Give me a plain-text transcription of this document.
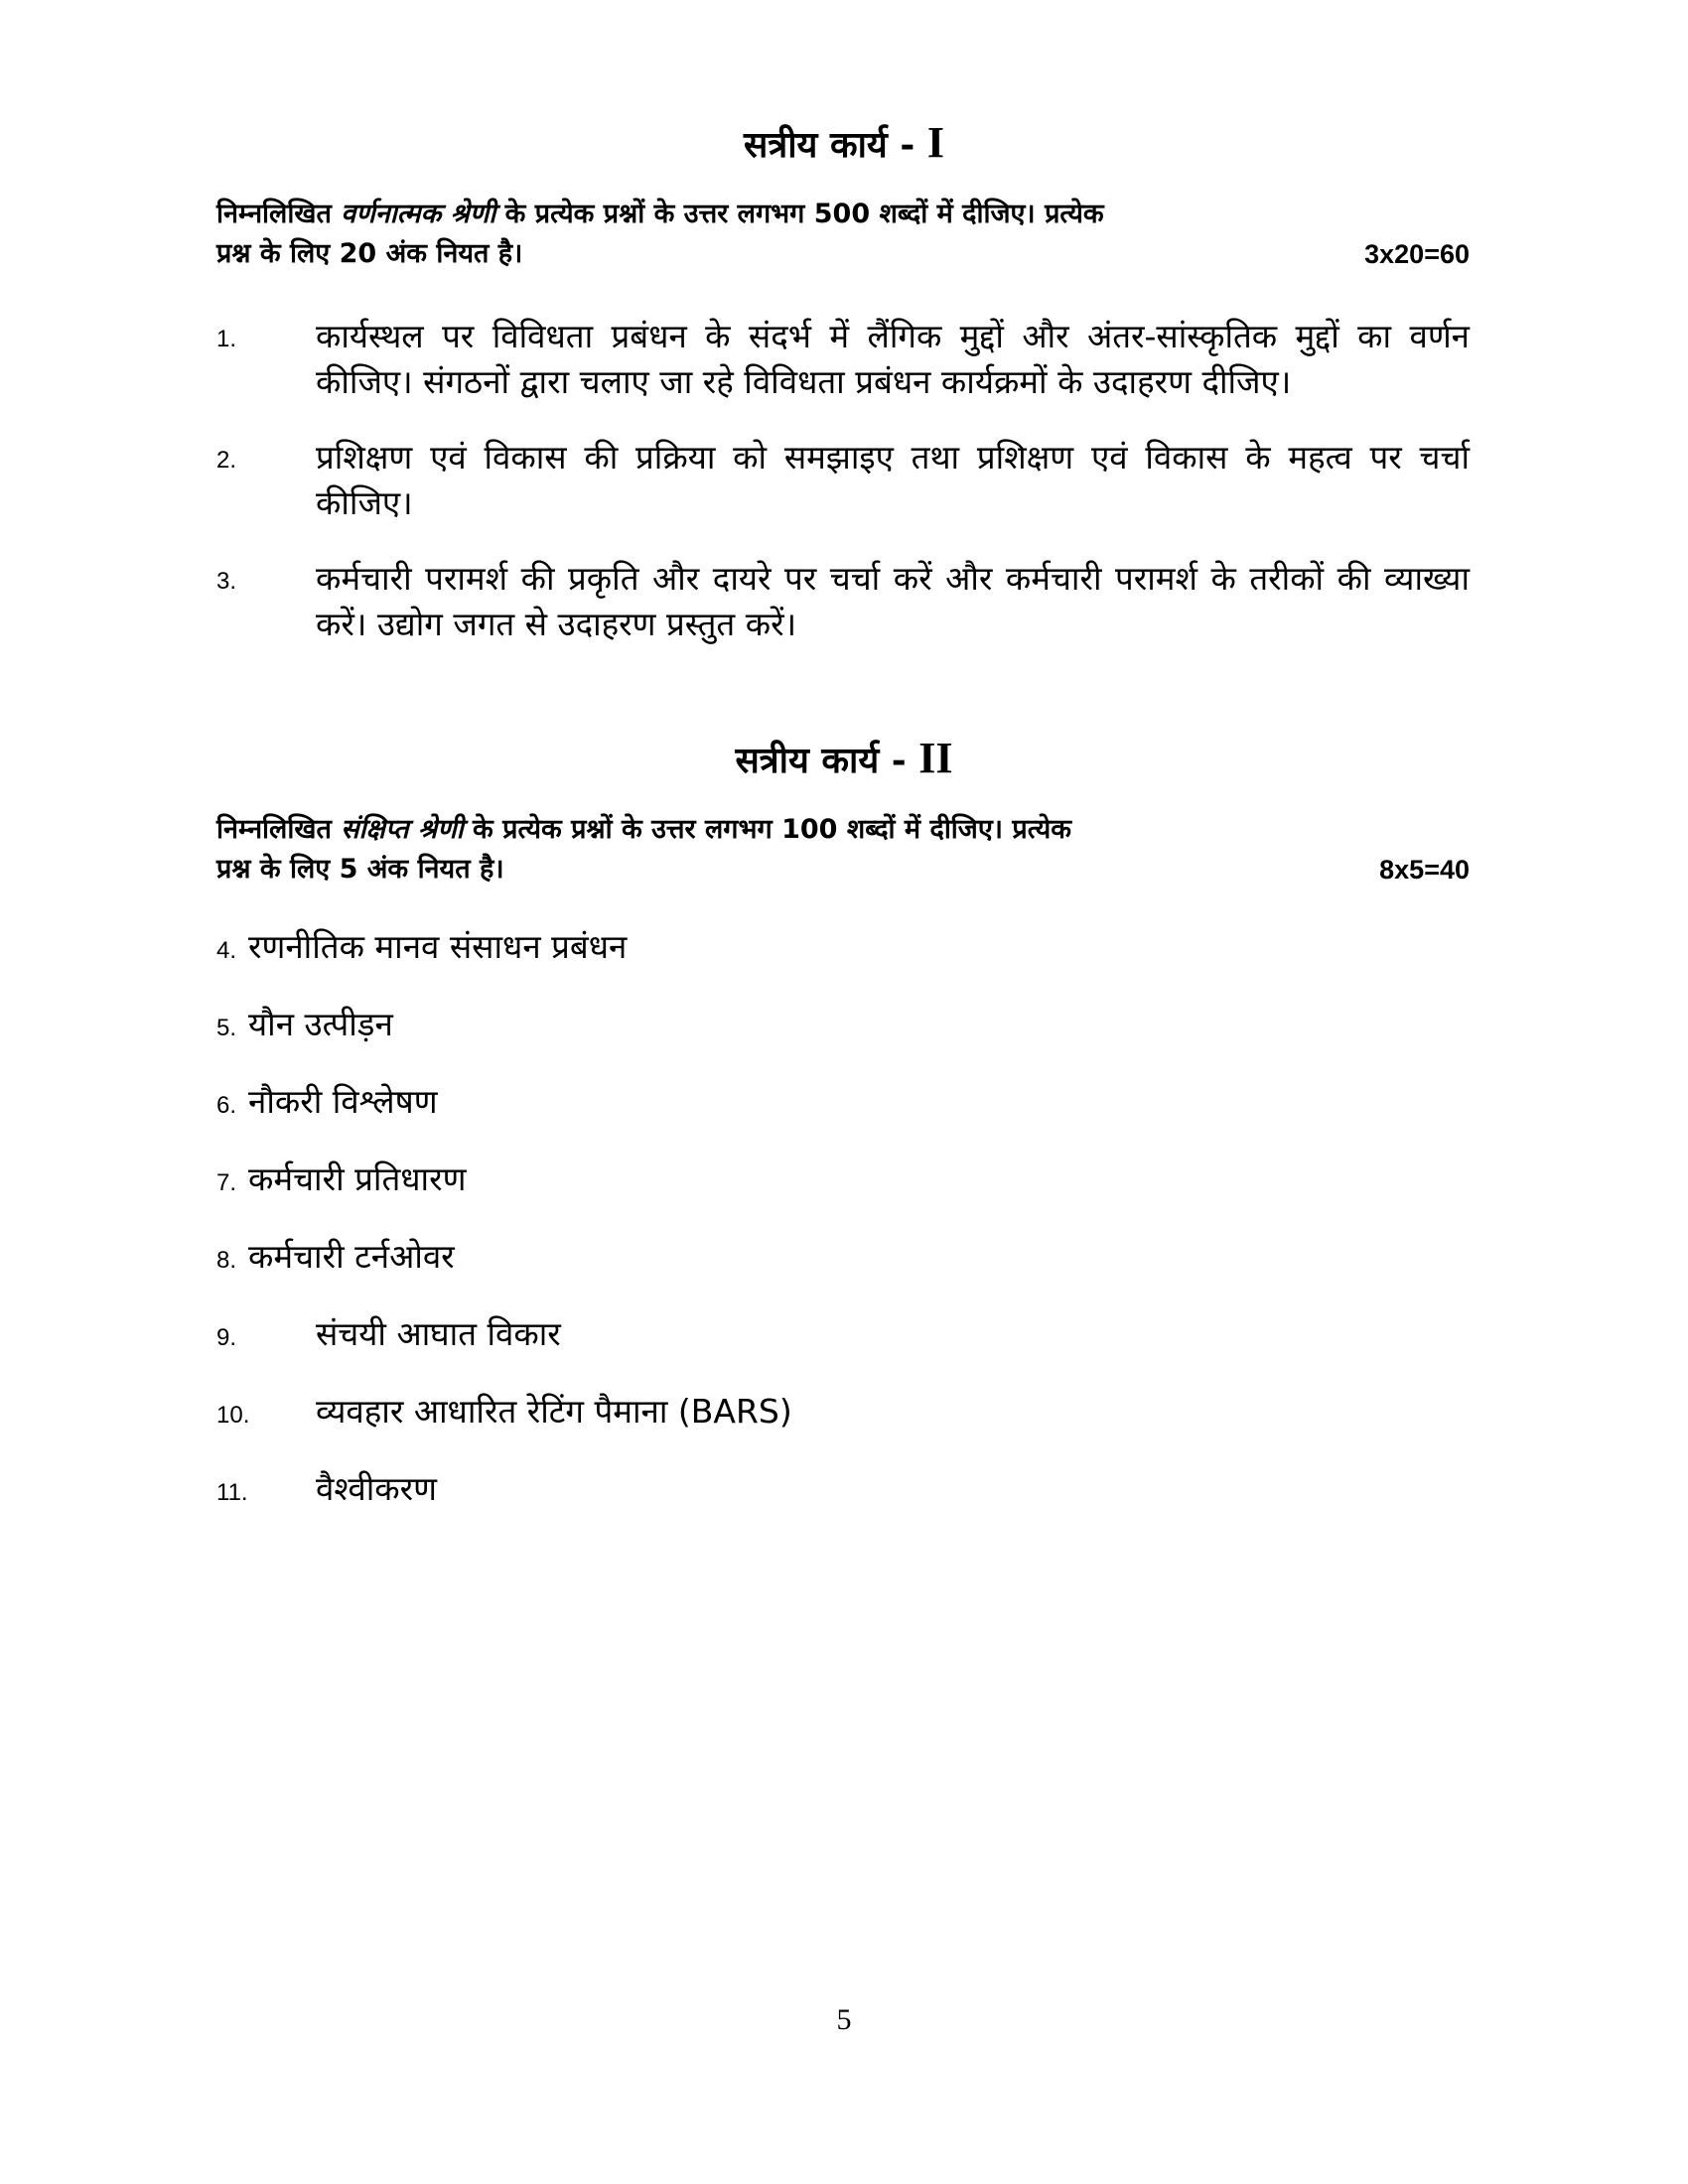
सत्रीय कार्य - I
निम्नलिखित वर्णनात्मक श्रेणी के प्रत्येक प्रश्नों के उत्तर लगभग 500 शब्दों में दीजिए। प्रत्येक
प्रश्न के लिए 20 अंक नियत है।	3x20=60
1.	कार्यस्थल पर विविधता प्रबंधन के संदर्भ में लैंगिक मुद्दों और अंतर-सांस्कृतिक मुद्दों का वर्णन कीजिए। संगठनों द्वारा चलाए जा रहे विविधता प्रबंधन कार्यक्रमों के उदाहरण दीजिए।
2.	प्रशिक्षण एवं विकास की प्रक्रिया को समझाइए तथा प्रशिक्षण एवं विकास के महत्व पर चर्चा कीजिए।
3.	कर्मचारी परामर्श की प्रकृति और दायरे पर चर्चा करें और कर्मचारी परामर्श के तरीकों की व्याख्या करें। उद्योग जगत से उदाहरण प्रस्तुत करें।
सत्रीय कार्य - II
निम्नलिखित संक्षिप्त श्रेणी के प्रत्येक प्रश्नों के उत्तर लगभग 100 शब्दों में दीजिए। प्रत्येक
प्रश्न के लिए 5 अंक नियत है।	8x5=40
4. रणनीतिक मानव संसाधन प्रबंधन
5. यौन उत्पीड़न
6. नौकरी विश्लेषण
7. कर्मचारी प्रतिधारण
8. कर्मचारी टर्नओवर
9.	संचयी आघात विकार
10.	व्यवहार आधारित रेटिंग पैमाना (BARS)
11.	वैश्वीकरण
5
